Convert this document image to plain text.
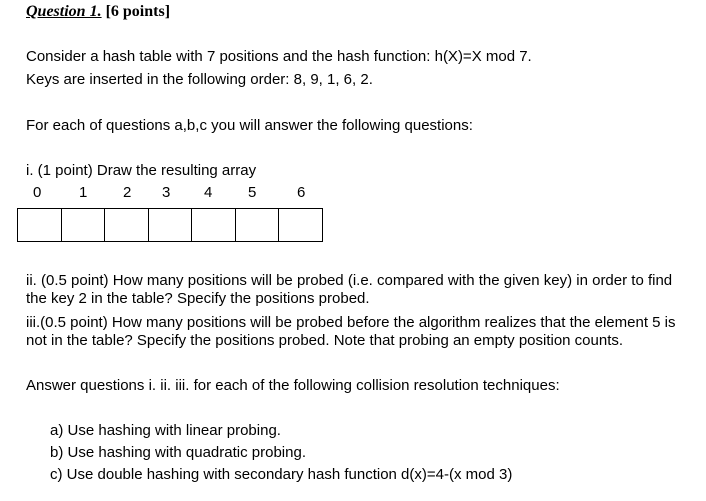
Question 1. [6 points]
Consider a hash table with 7 positions and the hash function: h(X)=X mod 7.
Keys are inserted in the following order: 8, 9, 1, 6, 2.
For each of questions a,b,c you will answer the following questions:
i. (1 point) Draw the resulting array
0	1 2 3 4 5	6
ii. (0.5 point) How many positions will be probed (i.e. compared with the given key) in order to find the key 2 in the table? Specify the positions probed.
iii.(0.5 point) How many positions will be probed before the algorithm realizes that the element 5 is not in the table? Specify the positions probed. Note that probing an empty position counts.
Answer questions i. ii. iii. for each of the following collision resolution techniques:
a) Use hashing with linear probing.
b) Use hashing with quadratic probing.
c) Use double hashing with secondary hash function d(x)=4-(x mod 3)
